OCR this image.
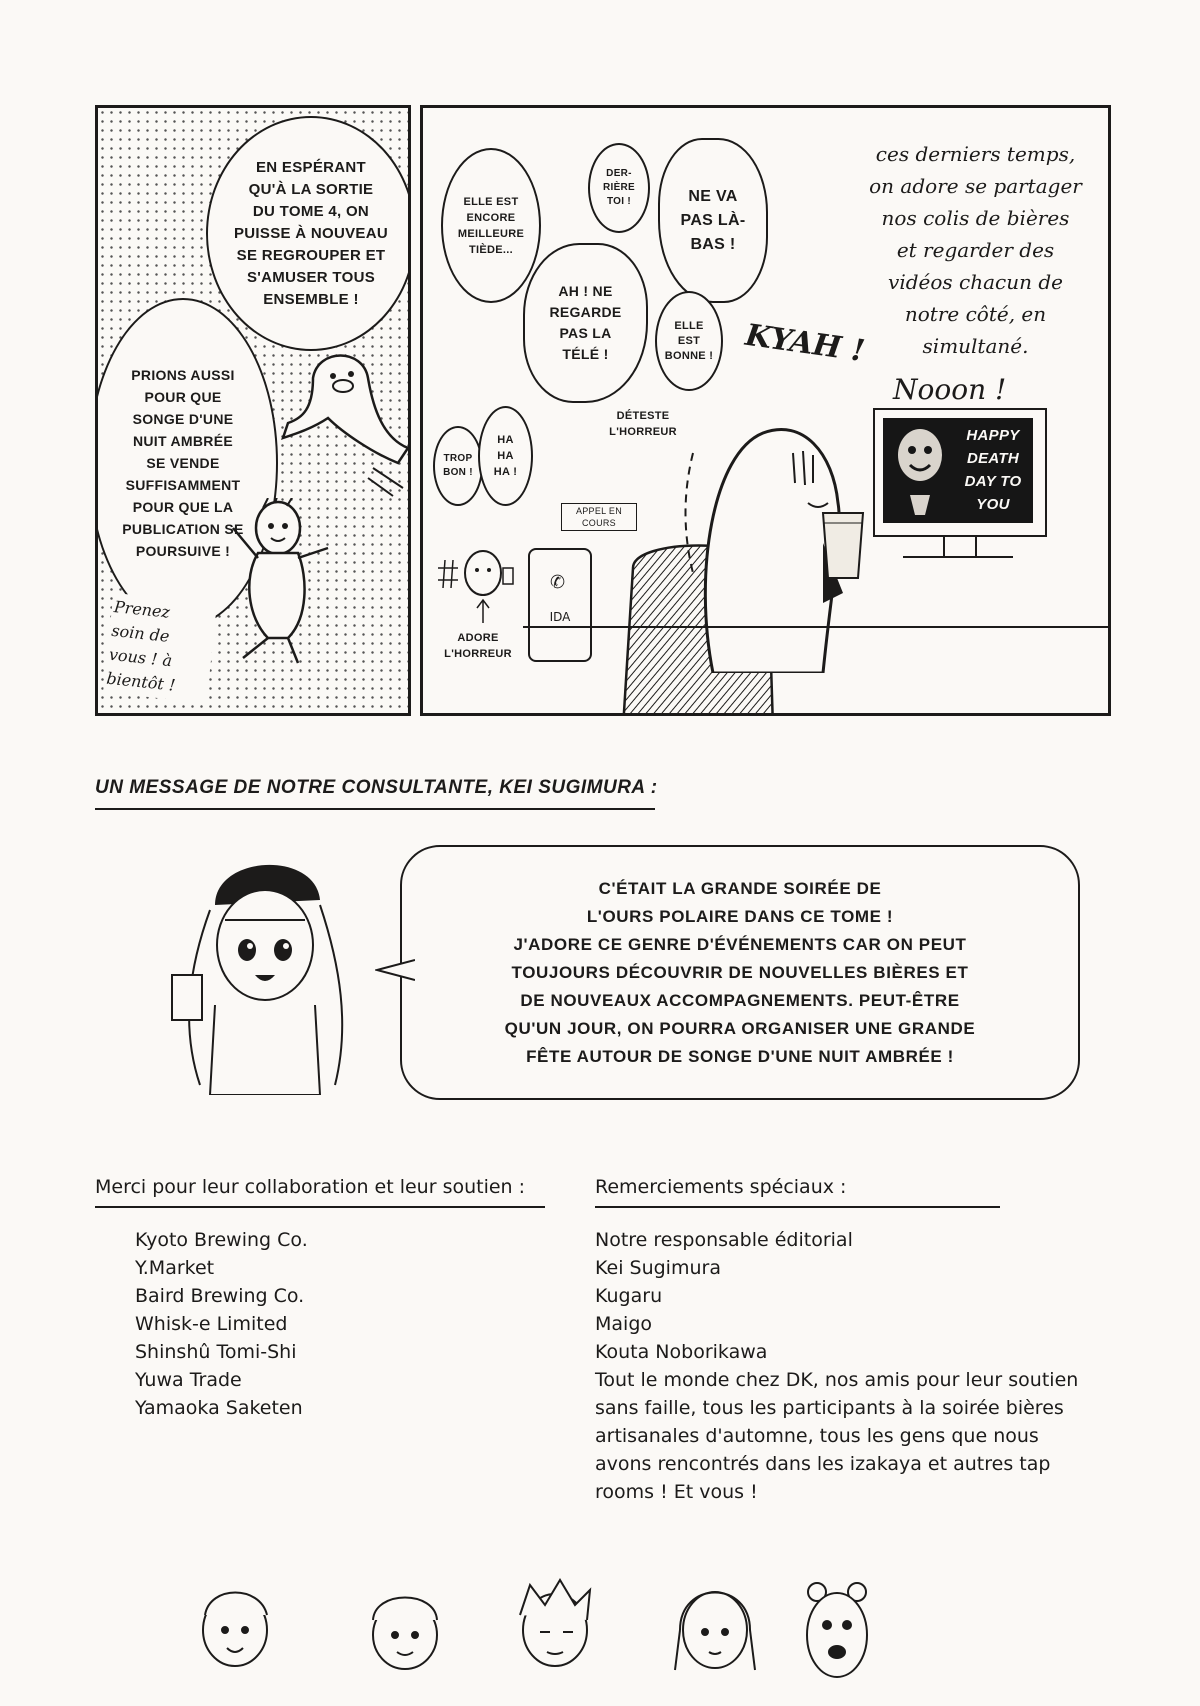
EN ESPÉRANT
QU'À LA SORTIE
DU TOME 4, ON
PUISSE À NOUVEAU
SE REGROUPER ET
S'AMUSER TOUS
ENSEMBLE !
PRIONS AUSSI
POUR QUE
SONGE D'UNE
NUIT AMBRÉE
SE VENDE
SUFFISAMMENT
POUR QUE LA
PUBLICATION SE
POURSUIVE !
Prenez
soin de
vous ! à
bientôt !
ces derniers temps,
on adore se partager
nos colis de bières
et regarder des
vidéos chacun de
notre côté, en
simultané.
ELLE EST
ENCORE
MEILLEURE
TIÈDE...
DER-
RIÈRE
TOI !	NE VA
PAS LÀ-
BAS !
AH ! NE
REGARDE
PAS LA
TÉLÉ !
ELLE
EST
BONNE ! KYAH !
Nooon !
DÉTESTE
L'HORREUR
TROP
BON !
HA
HA
HA !
APPEL EN
COURS
ADORE
L'HORREUR
✆
IDA
HAPPY
DEATH
DAY TO
YOU
UN MESSAGE DE NOTRE CONSULTANTE, KEI SUGIMURA :
C'ÉTAIT LA GRANDE SOIRÉE DE
L'OURS POLAIRE DANS CE TOME !
J'ADORE CE GENRE D'ÉVÉNEMENTS CAR ON PEUT
TOUJOURS DÉCOUVRIR DE NOUVELLES BIÈRES ET
DE NOUVEAUX ACCOMPAGNEMENTS. PEUT-ÊTRE
QU'UN JOUR, ON POURRA ORGANISER UNE GRANDE
FÊTE AUTOUR DE SONGE D'UNE NUIT AMBRÉE !
Merci pour leur collaboration et leur soutien :
Kyoto Brewing Co.
Y.Market
Baird Brewing Co.
Whisk-e Limited
Shinshû Tomi-Shi
Yuwa Trade
Yamaoka Saketen
Remerciements spéciaux :
Notre responsable éditorial
Kei Sugimura
Kugaru
Maigo
Kouta Noborikawa
Tout le monde chez DK, nos amis pour leur soutien
sans faille, tous les participants à la soirée bières
artisanales d'automne, tous les gens que nous
avons rencontrés dans les izakaya et autres tap
rooms ! Et vous !
